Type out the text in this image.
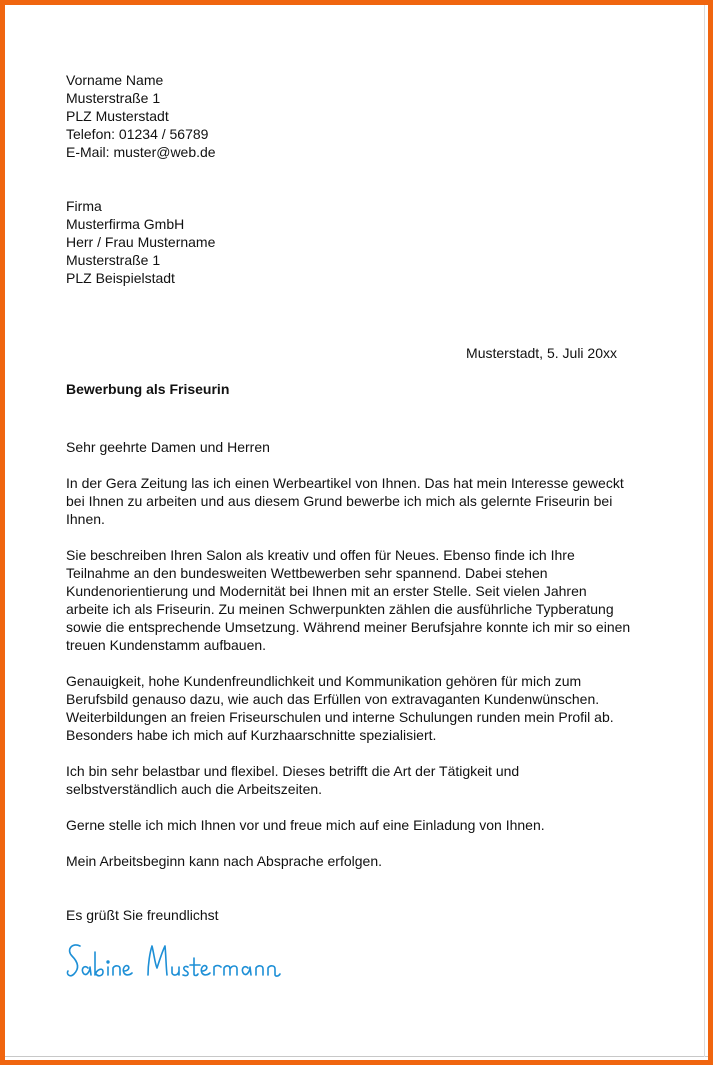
Vorname Name
Musterstraße 1
PLZ Musterstadt
Telefon: 01234 / 56789
E-Mail: muster@web.de
Firma
Musterfirma GmbH
Herr / Frau Mustername
Musterstraße 1
PLZ Beispielstadt
Musterstadt, 5. Juli 20xx
Bewerbung als Friseurin
Sehr geehrte Damen und Herren
In der Gera Zeitung las ich einen Werbeartikel von Ihnen. Das hat mein Interesse geweckt
bei Ihnen zu arbeiten und aus diesem Grund bewerbe ich mich als gelernte Friseurin bei
Ihnen.
Sie beschreiben Ihren Salon als kreativ und offen für Neues. Ebenso finde ich Ihre
Teilnahme an den bundesweiten Wettbewerben sehr spannend. Dabei stehen
Kundenorientierung und Modernität bei Ihnen mit an erster Stelle. Seit vielen Jahren
arbeite ich als Friseurin. Zu meinen Schwerpunkten zählen die ausführliche Typberatung
sowie die entsprechende Umsetzung. Während meiner Berufsjahre konnte ich mir so einen
treuen Kundenstamm aufbauen.
Genauigkeit, hohe Kundenfreundlichkeit und Kommunikation gehören für mich zum
Berufsbild genauso dazu, wie auch das Erfüllen von extravaganten Kundenwünschen.
Weiterbildungen an freien Friseurschulen und interne Schulungen runden mein Profil ab.
Besonders habe ich mich auf Kurzhaarschnitte spezialisiert.
Ich bin sehr belastbar und flexibel. Dieses betrifft die Art der Tätigkeit und
selbstverständlich auch die Arbeitszeiten.
Gerne stelle ich mich Ihnen vor und freue mich auf eine Einladung von Ihnen.
Mein Arbeitsbeginn kann nach Absprache erfolgen.
Es grüßt Sie freundlichst
